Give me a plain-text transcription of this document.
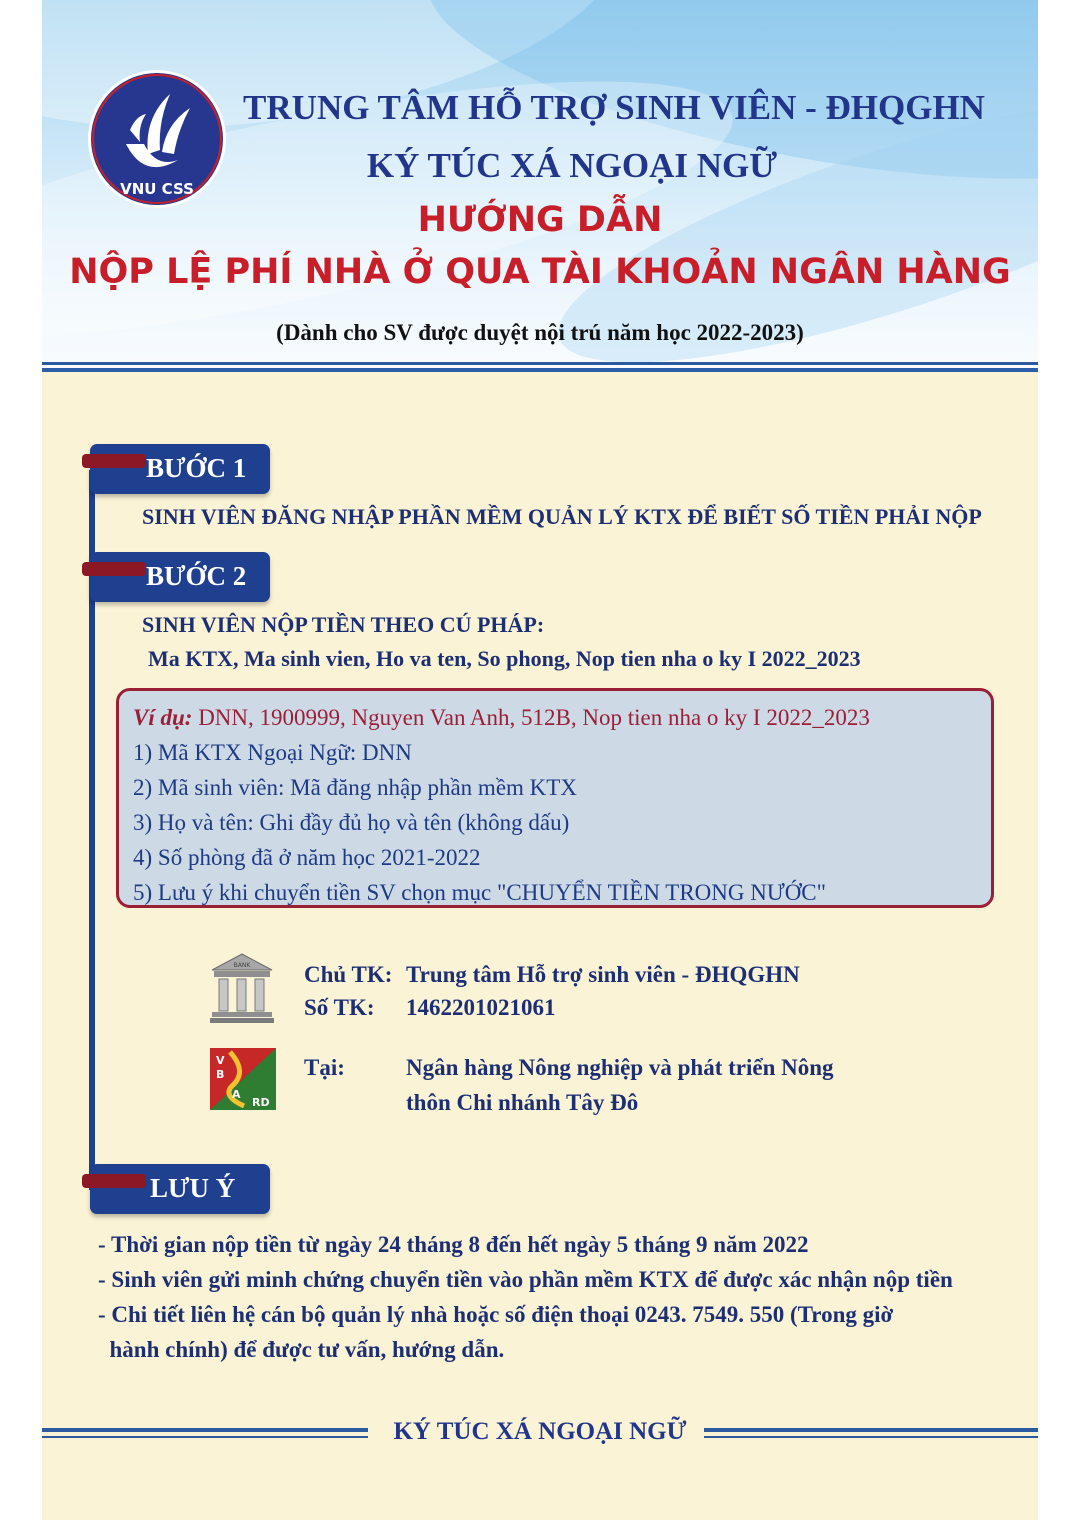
VNU CSS
TRUNG TÂM HỖ TRỢ SINH VIÊN - ĐHQGHN
KÝ TÚC XÁ NGOẠI NGỮ
HƯỚNG DẪN
NỘP LỆ PHÍ NHÀ Ở QUA TÀI KHOẢN NGÂN HÀNG
(Dành cho SV được duyệt nội trú năm học 2022-2023)
BƯỚC 1
SINH VIÊN ĐĂNG NHẬP PHẦN MỀM QUẢN LÝ KTX ĐỂ BIẾT SỐ TIỀN PHẢI NỘP
BƯỚC 2
SINH VIÊN NỘP TIỀN THEO CÚ PHÁP:
Ma KTX, Ma sinh vien, Ho va ten, So phong, Nop tien nha o ky I 2022_2023
Ví dụ: DNN, 1900999, Nguyen Van Anh, 512B, Nop tien nha o ky I 2022_2023
1) Mã KTX Ngoại Ngữ: DNN
2) Mã sinh viên: Mã đăng nhập phần mềm KTX
3) Họ và tên: Ghi đầy đủ họ và tên (không dấu)
4) Số phòng đã ở năm học 2021-2022
5) Lưu ý khi chuyển tiền SV chọn mục "CHUYỂN TIỀN TRONG NƯỚC"
BANK Chủ TK: Trung tâm Hỗ trợ sinh viên - ĐHQGHN
Số TK: 1462201021061
V
B
A
RD
Tại:	Ngân hàng Nông nghiệp và phát triển Nông
thôn Chi nhánh Tây Đô
LƯU Ý
- Thời gian nộp tiền từ ngày 24 tháng 8 đến hết ngày 5 tháng 9 năm 2022
- Sinh viên gửi minh chứng chuyển tiền vào phần mềm KTX để được xác nhận nộp tiền
- Chi tiết liên hệ cán bộ quản lý nhà hoặc số điện thoại 0243. 7549. 550 (Trong giờ
hành chính) để được tư vấn, hướng dẫn.
KÝ TÚC XÁ NGOẠI NGỮ
